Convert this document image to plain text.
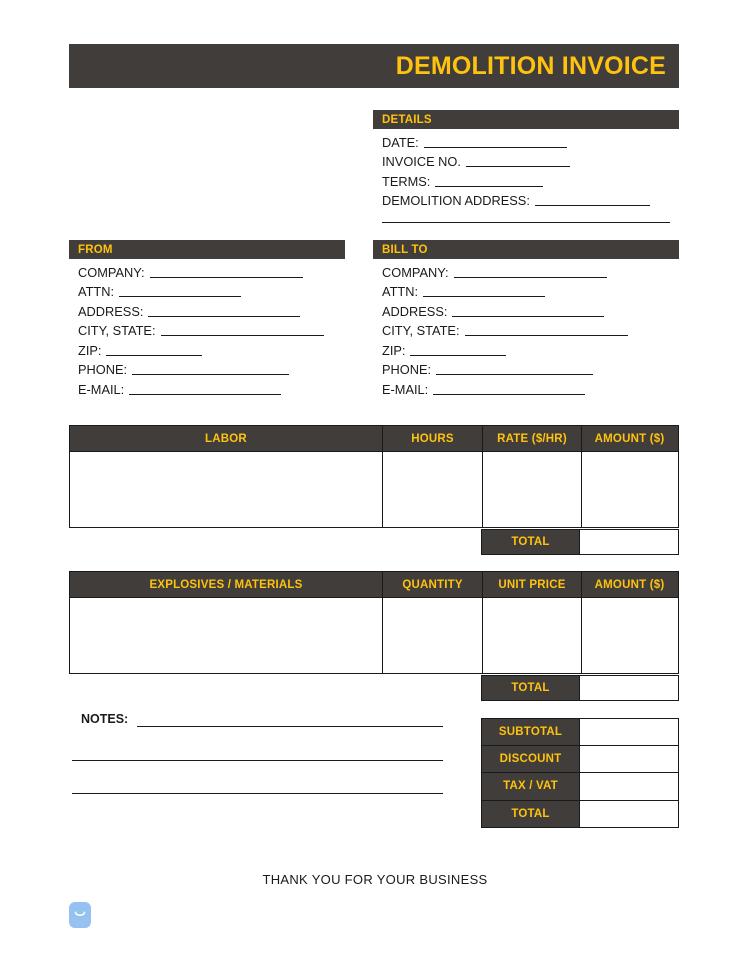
DEMOLITION INVOICE
DETAILS
DATE:
INVOICE NO.
TERMS:
DEMOLITION ADDRESS:
FROM
COMPANY:
ATTN:
ADDRESS:
CITY, STATE:
ZIP:
PHONE:
E-MAIL:
BILL TO
COMPANY:
ATTN:
ADDRESS:
CITY, STATE:
ZIP:
PHONE:
E-MAIL:
LABOR	HOURS	RATE ($/HR)	AMOUNT ($)
TOTAL
EXPLOSIVES / MATERIALS	QUANTITY	UNIT PRICE	AMOUNT ($)
TOTAL
NOTES:
SUBTOTAL
DISCOUNT
TAX / VAT
TOTAL
THANK YOU FOR YOUR BUSINESS
